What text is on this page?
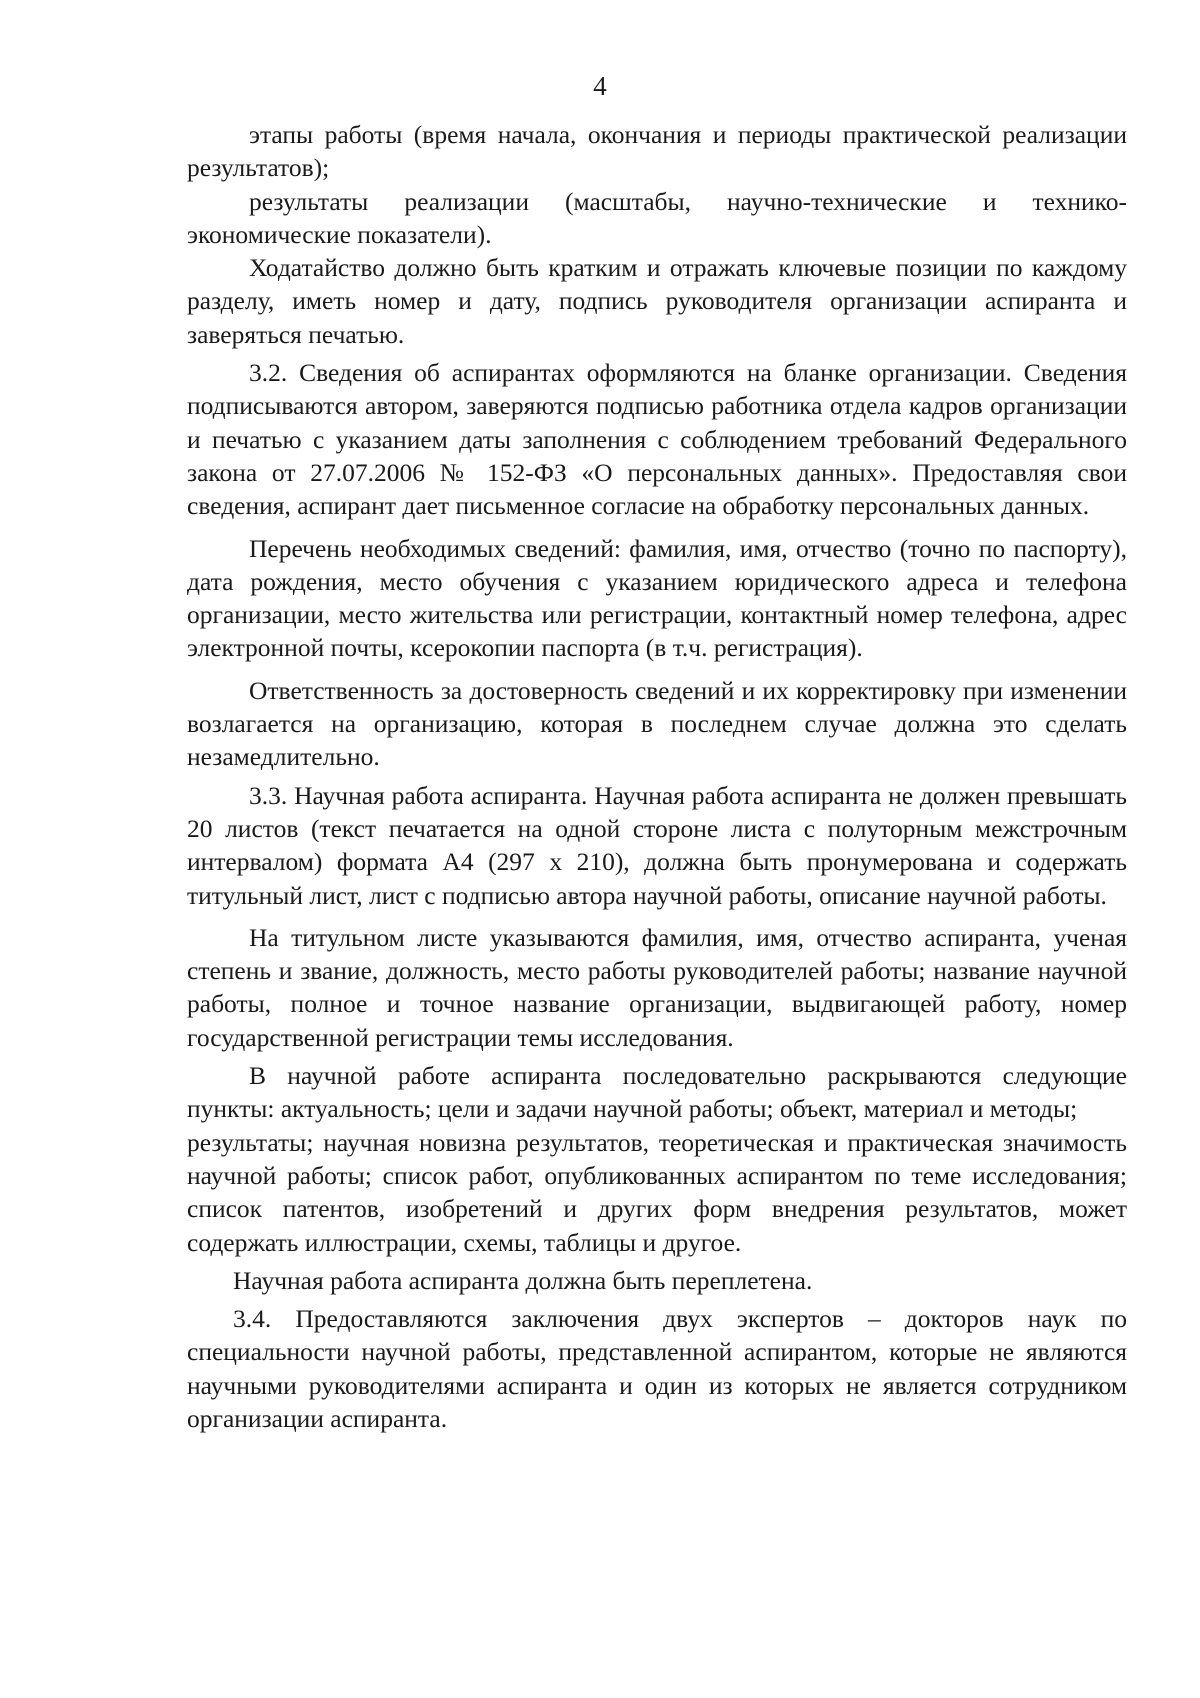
4

этапы работы (время начала, окончания и периоды практической реализации результатов);

результаты реализации (масштабы, научно-технические и технико-экономические показатели).

Ходатайство должно быть кратким и отражать ключевые позиции по каждому разделу, иметь номер и дату, подпись руководителя организации аспиранта и заверяться печатью.

3.2. Сведения об аспирантах оформляются на бланке организации. Сведения подписываются автором, заверяются подписью работника отдела кадров организации и печатью с указанием даты заполнения с соблюдением требований Федерального закона от 27.07.2006 № 152-ФЗ «О персональных данных». Предоставляя свои сведения, аспирант дает письменное согласие на обработку персональных данных.

Перечень необходимых сведений: фамилия, имя, отчество (точно по паспорту), дата рождения, место обучения с указанием юридического адреса и телефона организации, место жительства или регистрации, контактный номер телефона, адрес электронной почты, ксерокопии паспорта (в т.ч. регистрация).

Ответственность за достоверность сведений и их корректировку при изменении возлагается на организацию, которая в последнем случае должна это сделать незамедлительно.

3.3. Научная работа аспиранта. Научная работа аспиранта не должен превышать 20 листов (текст печатается на одной стороне листа с полуторным межстрочным интервалом) формата А4 (297 х 210), должна быть пронумерована и содержать титульный лист, лист с подписью автора научной работы, описание научной работы.

На титульном листе указываются фамилия, имя, отчество аспиранта, ученая степень и звание, должность, место работы руководителей работы; название научной работы, полное и точное название организации, выдвигающей работу, номер государственной регистрации темы исследования.

В научной работе аспиранта последовательно раскрываются следующие пункты: актуальность; цели и задачи научной работы; объект, материал и методы;

результаты; научная новизна результатов, теоретическая и практическая значимость научной работы; список работ, опубликованных аспирантом по теме исследования; список патентов, изобретений и других форм внедрения результатов, может содержать иллюстрации, схемы, таблицы и другое.

Научная работа аспиранта должна быть переплетена.

3.4. Предоставляются заключения двух экспертов – докторов наук по специальности научной работы, представленной аспирантом, которые не являются научными руководителями аспиранта и один из которых не является сотрудником организации аспиранта.
